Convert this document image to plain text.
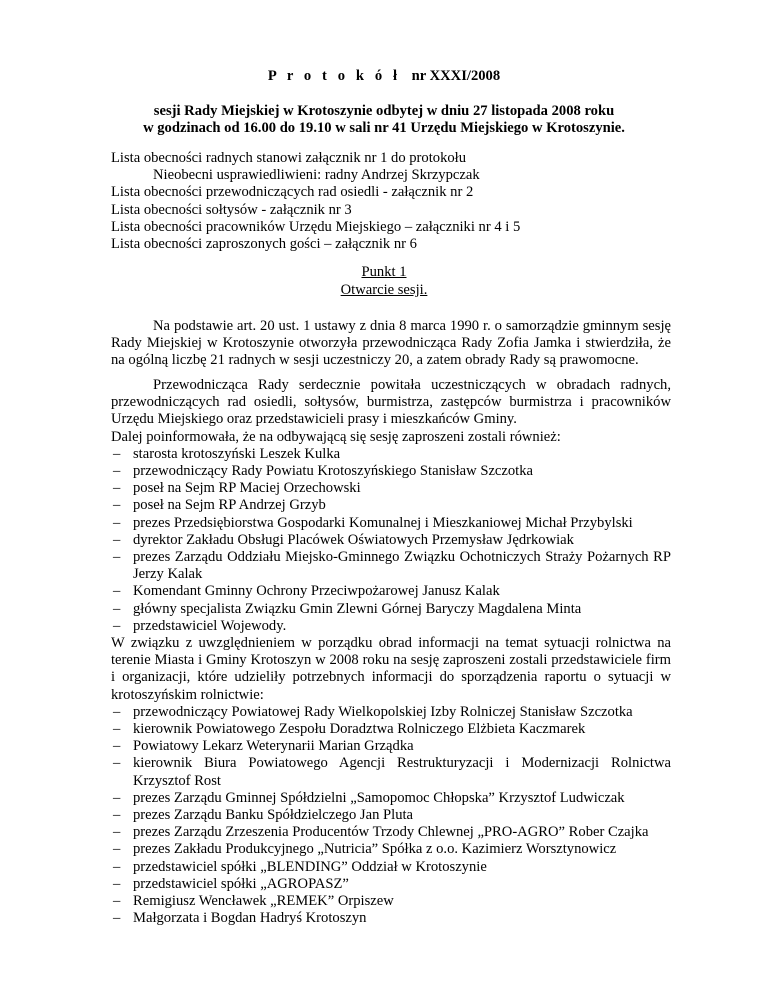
P r o t o k ó ł nr XXXI/2008
sesji Rady Miejskiej w Krotoszynie odbytej w dniu 27 listopada 2008 roku
w godzinach od 16.00 do 19.10 w sali nr 41 Urzędu Miejskiego w Krotoszynie.
Lista obecności radnych stanowi załącznik nr 1 do protokołu
Nieobecni usprawiedliwieni: radny Andrzej Skrzypczak
Lista obecności przewodniczących rad osiedli - załącznik nr 2
Lista obecności sołtysów - załącznik nr 3
Lista obecności pracowników Urzędu Miejskiego – załączniki nr 4 i 5
Lista obecności zaproszonych gości – załącznik nr 6
Punkt 1
Otwarcie sesji.
Na podstawie art. 20 ust. 1 ustawy z dnia 8 marca 1990 r. o samorządzie gminnym sesję Rady Miejskiej w Krotoszynie otworzyła przewodnicząca Rady Zofia Jamka i stwierdziła, że na ogólną liczbę 21 radnych w sesji uczestniczy 20, a zatem obrady Rady są prawomocne.
Przewodnicząca Rady serdecznie powitała uczestniczących w obradach radnych, przewodniczących rad osiedli, sołtysów, burmistrza, zastępców burmistrza i pracowników Urzędu Miejskiego oraz przedstawicieli prasy i mieszkańców Gminy.
Dalej poinformowała, że na odbywającą się sesję zaproszeni zostali również:
– starosta krotoszyński Leszek Kulka
– przewodniczący Rady Powiatu Krotoszyńskiego Stanisław Szczotka
– poseł na Sejm RP Maciej Orzechowski
– poseł na Sejm RP Andrzej Grzyb
– prezes Przedsiębiorstwa Gospodarki Komunalnej i Mieszkaniowej Michał Przybylski
– dyrektor Zakładu Obsługi Placówek Oświatowych Przemysław Jędrkowiak
– prezes Zarządu Oddziału Miejsko-Gminnego Związku Ochotniczych Straży Pożarnych RP Jerzy Kalak
– Komendant Gminny Ochrony Przeciwpożarowej Janusz Kalak
– główny specjalista Związku Gmin Zlewni Górnej Baryczy Magdalena Minta
– przedstawiciel Wojewody.
W związku z uwzględnieniem w porządku obrad informacji na temat sytuacji rolnictwa na terenie Miasta i Gminy Krotoszyn w 2008 roku na sesję zaproszeni zostali przedstawiciele firm i organizacji, które udzieliły potrzebnych informacji do sporządzenia raportu o sytuacji w krotoszyńskim rolnictwie:
– przewodniczący Powiatowej Rady Wielkopolskiej Izby Rolniczej Stanisław Szczotka
– kierownik Powiatowego Zespołu Doradztwa Rolniczego Elżbieta Kaczmarek
– Powiatowy Lekarz Weterynarii Marian Grządka
– kierownik Biura Powiatowego Agencji Restrukturyzacji i Modernizacji Rolnictwa Krzysztof Rost
– prezes Zarządu Gminnej Spółdzielni „Samopomoc Chłopska” Krzysztof Ludwiczak
– prezes Zarządu Banku Spółdzielczego Jan Pluta
– prezes Zarządu Zrzeszenia Producentów Trzody Chlewnej „PRO-AGRO” Rober Czajka
– prezes Zakładu Produkcyjnego „Nutricia” Spółka z o.o. Kazimierz Worsztynowicz
– przedstawiciel spółki „BLENDING” Oddział w Krotoszynie
– przedstawiciel spółki „AGROPASZ”
– Remigiusz Wencławek „REMEK” Orpiszew
– Małgorzata i Bogdan Hadryś Krotoszyn
